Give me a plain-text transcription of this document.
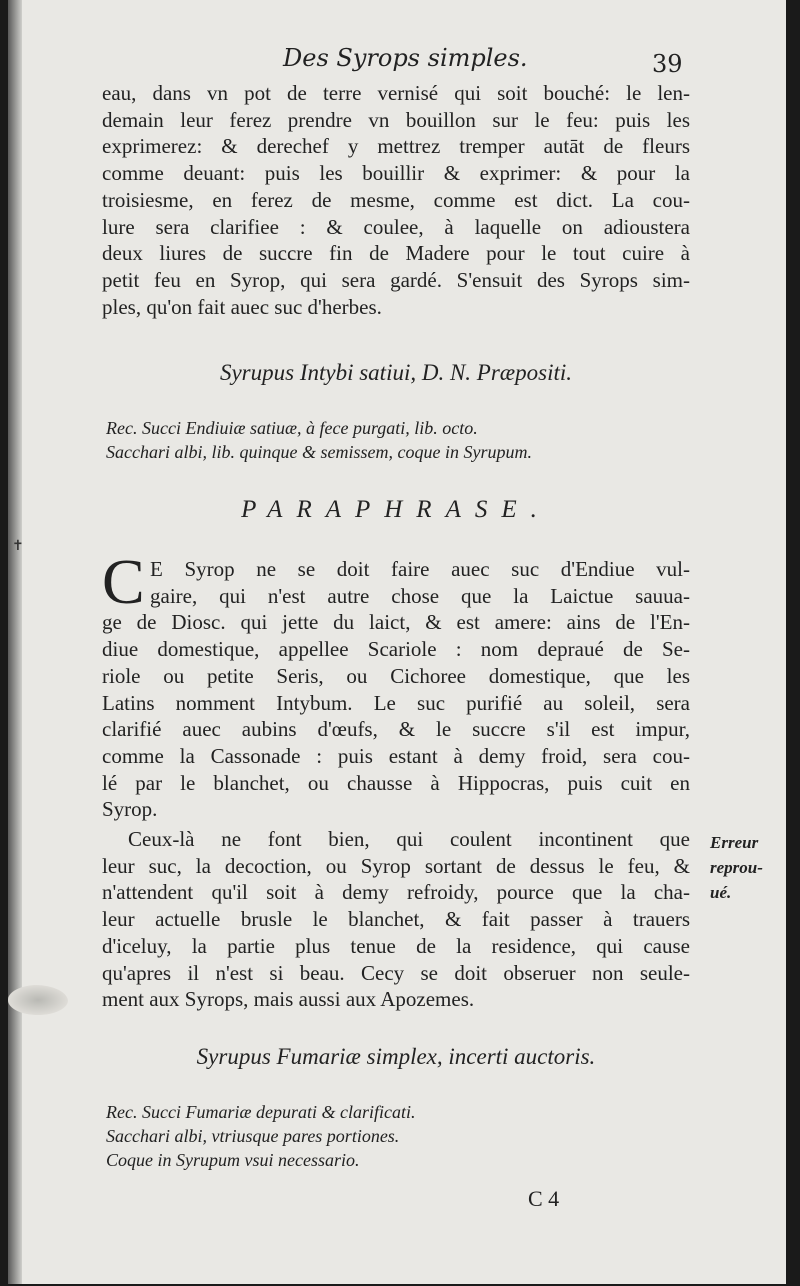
✝
Des Syrops simples.	39

eau, dans vn pot de terre vernisé qui soit bouché: le len-
demain leur ferez prendre vn bouillon sur le feu: puis les
exprimerez: & derechef y mettrez tremper autāt de fleurs
comme deuant: puis les bouillir & exprimer: & pour la
troisiesme, en ferez de mesme, comme est dict. La cou-
lure sera clarifiee : & coulee, à laquelle on adioustera
deux liures de succre fin de Madere pour le tout cuire à
petit feu en Syrop, qui sera gardé. S'ensuit des Syrops sim-
ples, qu'on fait auec suc d'herbes.

Syrupus Intybi satiui, D. N. Præpositi.

Rec. Succi Endiuiæ satiuæ, à fece purgati, lib. octo.
Sacchari albi, lib. quinque & semissem, coque in Syrupum.

PARAPHRASE.
C E Syrop ne se doit faire auec suc d'Endiue vul-
gaire, qui n'est autre chose que la Laictue sauua-
ge de Diosc. qui jette du laict, & est amere: ains de l'En-
diue domestique, appellee Scariole : nom depraué de Se-
riole ou petite Seris, ou Cichoree domestique, que les
Latins nomment Intybum. Le suc purifié au soleil, sera
clarifié auec aubins d'œufs, & le succre s'il est impur,
comme la Cassonade : puis estant à demy froid, sera cou-
lé par le blanchet, ou chausse à Hippocras, puis cuit en
Syrop.

Ceux-là ne font bien, qui coulent incontinent que
leur suc, la decoction, ou Syrop sortant de dessus le feu, &
n'attendent qu'il soit à demy refroidy, pource que la cha-
leur actuelle brusle le blanchet, & fait passer à trauers
d'iceluy, la partie plus tenue de la residence, qui cause
qu'apres il n'est si beau. Cecy se doit obseruer non seule-
ment aux Syrops, mais aussi aux Apozemes.

Erreur
reprou-
ué.

Syrupus Fumariæ simplex, incerti auctoris.

Rec. Succi Fumariæ depurati & clarificati.
Sacchari albi, vtriusque pares portiones.
Coque in Syrupum vsui necessario.

C 4
